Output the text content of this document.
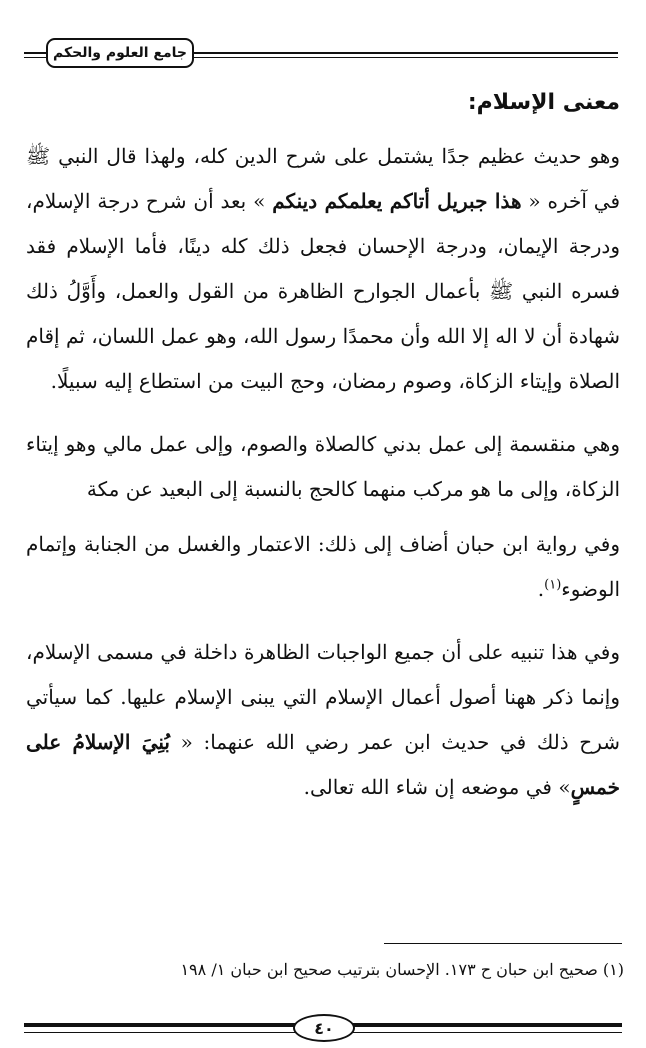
جامع العلوم والحكم
معنى الإسلام:

وهو حديث عظيم جدًا يشتمل على شرح الدين كله، ولهذا قال النبي ﷺ في آخره « هذا جبريل أتاكم يعلمكم دينكم » بعد أن شرح درجة الإسلام، ودرجة الإيمان، ودرجة الإحسان فجعل ذلك كله دينًا، فأما الإسلام فقد فسره النبي ﷺ بأعمال الجوارح الظاهرة من القول والعمل، وأَوَّلُ ذلك شهادة أن لا اله إلا الله وأن محمدًا رسول الله، وهو عمل اللسان، ثم إقام الصلاة وإيتاء الزكاة، وصوم رمضان، وحج البيت من استطاع إليه سبيلًا.

وهي منقسمة إلى عمل بدني كالصلاة والصوم، وإلى عمل مالي وهو إيتاء الزكاة، وإلى ما هو مركب منهما كالحج بالنسبة إلى البعيد عن مكة

وفي رواية ابن حبان أضاف إلى ذلك: الاعتمار والغسل من الجنابة وإتمام الوضوء$^{(١)}$.

وفي هذا تنبيه على أن جميع الواجبات الظاهرة داخلة في مسمى الإسلام، وإنما ذكر ههنا أصول أعمال الإسلام التي يبنى الإسلام عليها. كما سيأتي شرح ذلك في حديث ابن عمر رضي الله عنهما: « بُنِيَ الإسلامُ على خمسٍ» في موضعه إن شاء الله تعالى.

(١) صحيح ابن حبان ح ١٧٣. الإحسان بترتيب صحيح ابن حبان ١/ ١٩٨
٤٠
